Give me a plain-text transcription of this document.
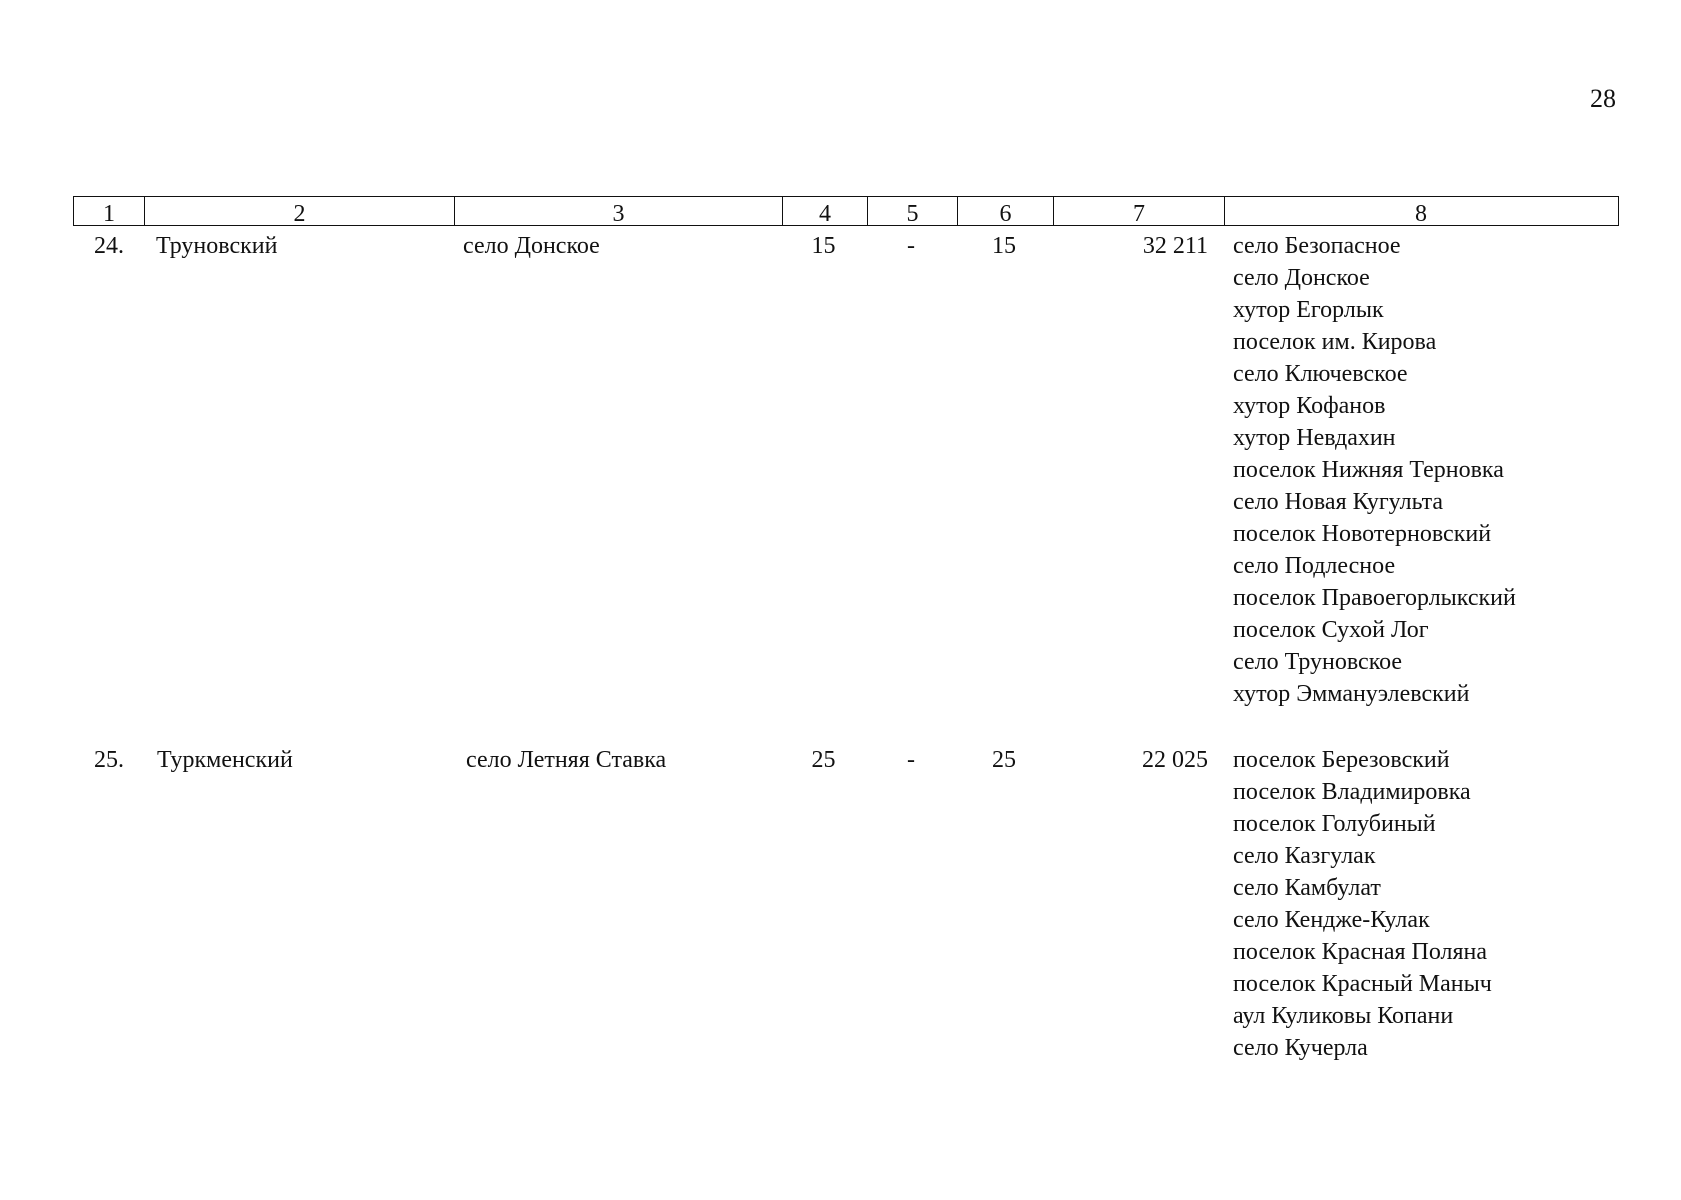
28
1	2	3	4	5	6	7	8
24. Труновский	село Донское	15	-	15	32 211 село Безопасное
село Донское
хутор Егорлык
поселок им. Кирова
село Ключевское
хутор Кофанов
хутор Невдахин
поселок Нижняя Терновка
село Новая Кугульта
поселок Новотерновский
село Подлесное
поселок Правоегорлыкский
поселок Сухой Лог
село Труновское
хутор Эммануэлевский
25. Туркменский	село Летняя Ставка	25	-	25	22 025 поселок Березовский
поселок Владимировка
поселок Голубиный
село Казгулак
село Камбулат
село Кендже-Кулак
поселок Красная Поляна
поселок Красный Маныч
аул Куликовы Копани
село Кучерла
